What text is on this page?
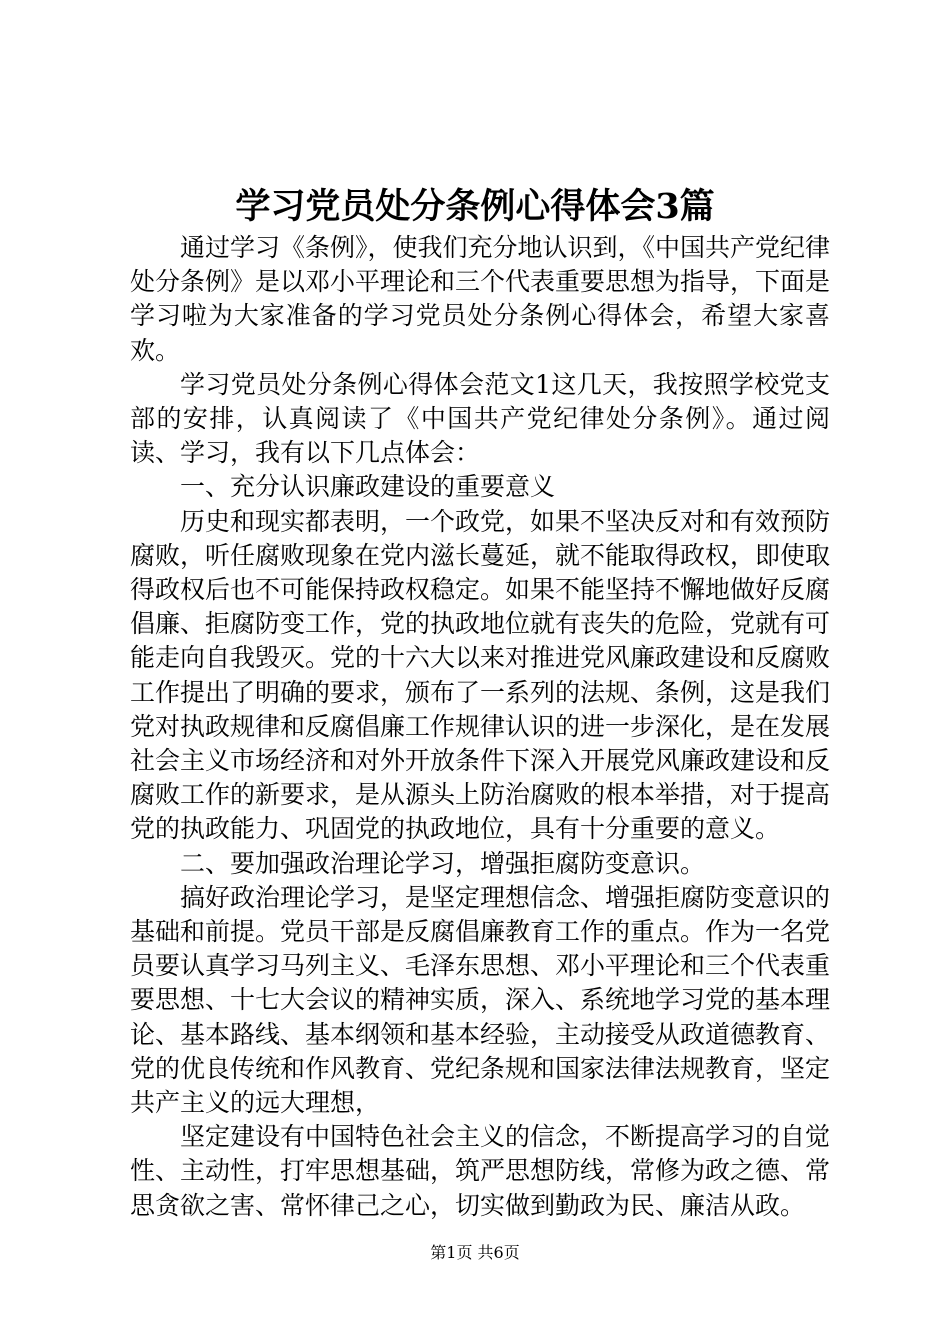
学习党员处分条例心得体会3篇

通过学习《条例》，使我们充分地认识到，《中国共产党纪律处分条例》是以邓小平理论和三个代表重要思想为指导，下面是学习啦为大家准备的学习党员处分条例心得体会，希望大家喜欢。

学习党员处分条例心得体会范文1这几天，我按照学校党支部的安排，认真阅读了《中国共产党纪律处分条例》。通过阅读、学习，我有以下几点体会：

一、充分认识廉政建设的重要意义

历史和现实都表明，一个政党，如果不坚决反对和有效预防腐败，听任腐败现象在党内滋长蔓延，就不能取得政权，即使取得政权后也不可能保持政权稳定。如果不能坚持不懈地做好反腐倡廉、拒腐防变工作，党的执政地位就有丧失的危险，党就有可能走向自我毁灭。党的十六大以来对推进党风廉政建设和反腐败工作提出了明确的要求，颁布了一系列的法规、条例，这是我们党对执政规律和反腐倡廉工作规律认识的进一步深化，是在发展社会主义市场经济和对外开放条件下深入开展党风廉政建设和反腐败工作的新要求，是从源头上防治腐败的根本举措，对于提高党的执政能力、巩固党的执政地位，具有十分重要的意义。

二、要加强政治理论学习，增强拒腐防变意识。

搞好政治理论学习，是坚定理想信念、增强拒腐防变意识的基础和前提。党员干部是反腐倡廉教育工作的重点。作为一名党员要认真学习马列主义、毛泽东思想、邓小平理论和三个代表重要思想、十七大会议的精神实质，深入、系统地学习党的基本理论、基本路线、基本纲领和基本经验，主动接受从政道德教育、党的优良传统和作风教育、党纪条规和国家法律法规教育，坚定共产主义的远大理想，

坚定建设有中国特色社会主义的信念，不断提高学习的自觉性、主动性，打牢思想基础，筑严思想防线，常修为政之德、常思贪欲之害、常怀律己之心，切实做到勤政为民、廉洁从政。

第1页 共6页
